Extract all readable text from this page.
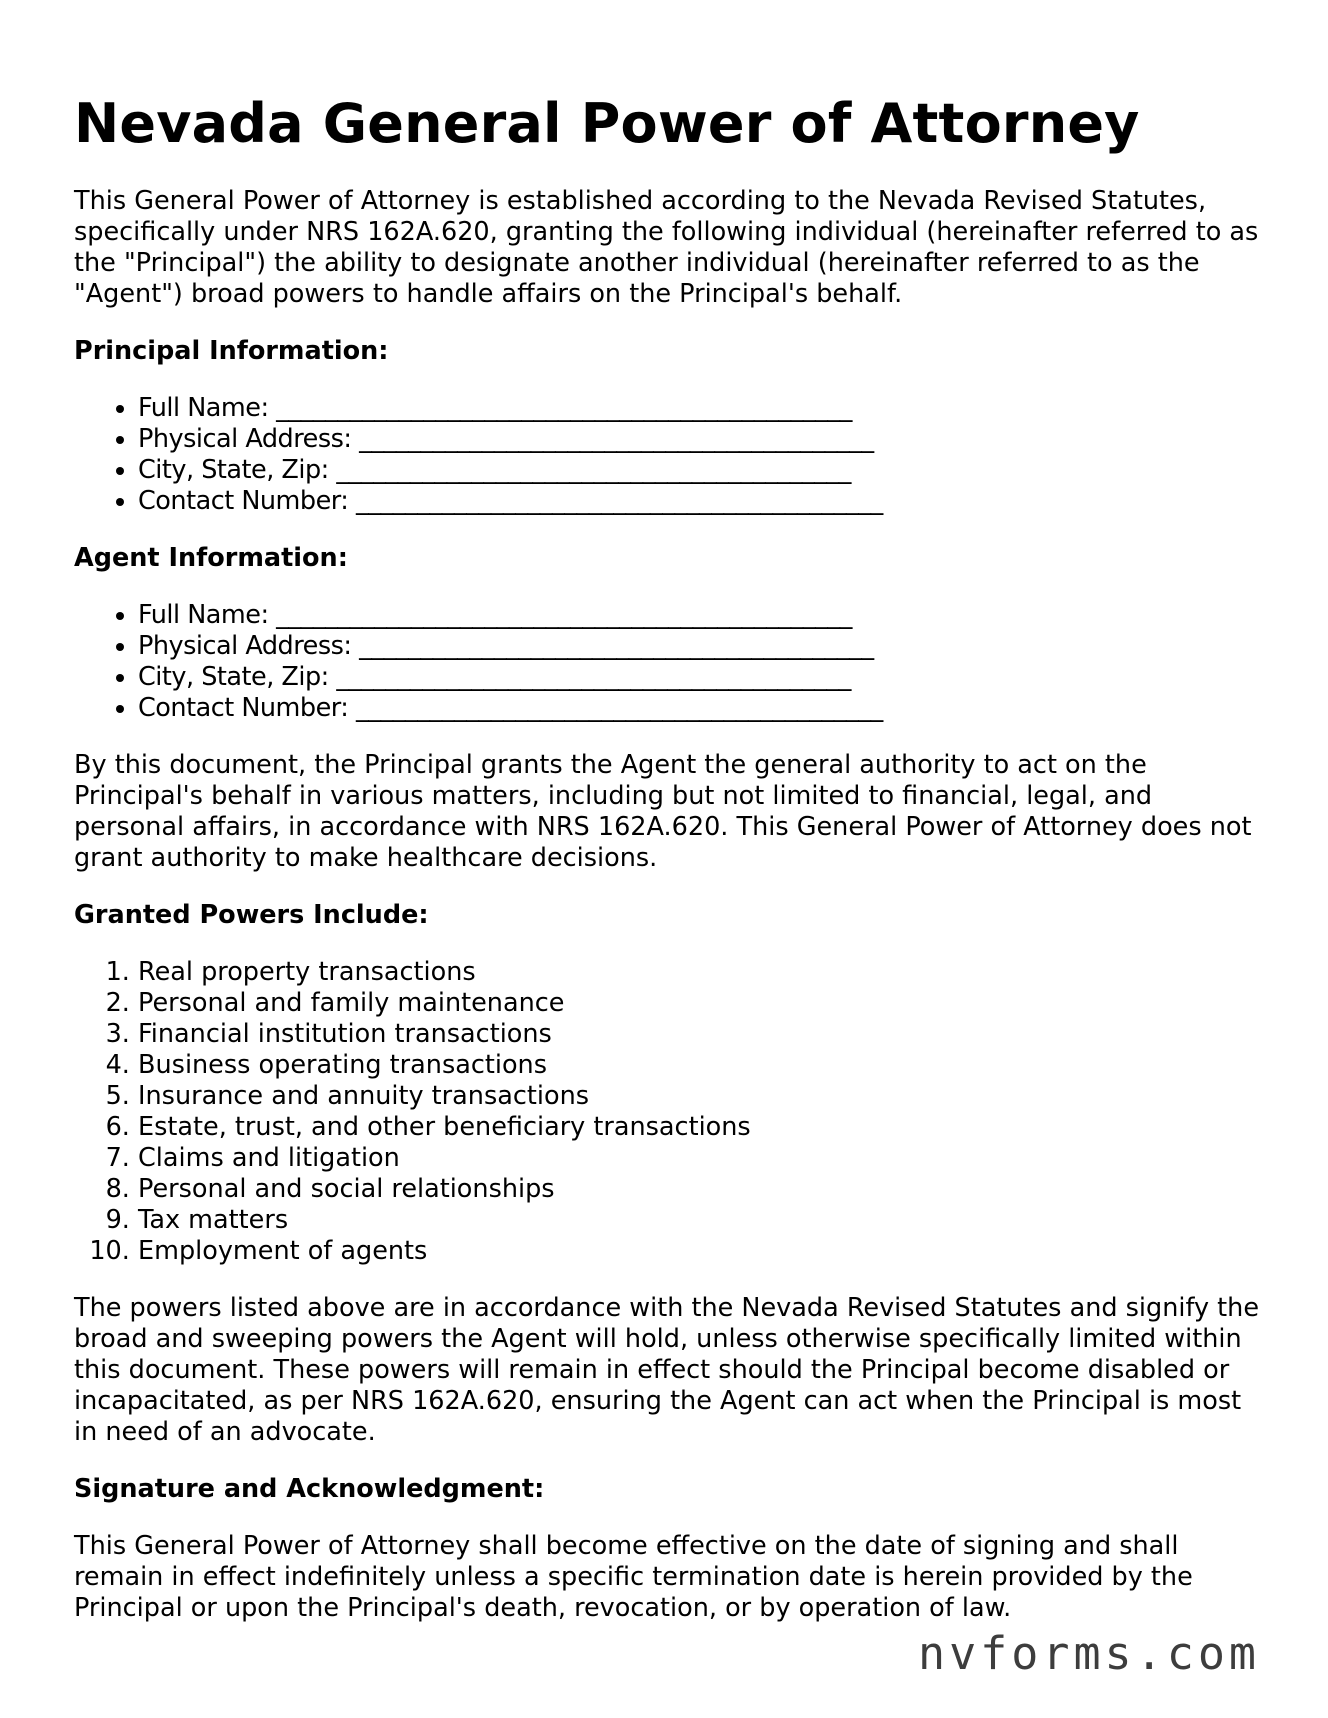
Nevada General Power of Attorney

This General Power of Attorney is established according to the Nevada Revised Statutes, specifically under NRS 162A.620, granting the following individual (hereinafter referred to as the "Principal") the ability to designate another individual (hereinafter referred to as the "Agent") broad powers to handle affairs on the Principal's behalf.

Principal Information:
• Full Name: _______________________________________________
• Physical Address: __________________________________________
• City, State, Zip: __________________________________________
• Contact Number: ___________________________________________
Agent Information:
• Full Name: _______________________________________________
• Physical Address: __________________________________________
• City, State, Zip: __________________________________________
• Contact Number: ___________________________________________

By this document, the Principal grants the Agent the general authority to act on the Principal's behalf in various matters, including but not limited to financial, legal, and personal affairs, in accordance with NRS 162A.620. This General Power of Attorney does not grant authority to make healthcare decisions.

Granted Powers Include:
1. Real property transactions
2. Personal and family maintenance
3. Financial institution transactions
4. Business operating transactions
5. Insurance and annuity transactions
6. Estate, trust, and other beneficiary transactions
7. Claims and litigation
8. Personal and social relationships
9. Tax matters
10. Employment of agents

The powers listed above are in accordance with the Nevada Revised Statutes and signify the broad and sweeping powers the Agent will hold, unless otherwise specifically limited within this document. These powers will remain in effect should the Principal become disabled or incapacitated, as per NRS 162A.620, ensuring the Agent can act when the Principal is most in need of an advocate.

Signature and Acknowledgment:

This General Power of Attorney shall become effective on the date of signing and shall remain in effect indefinitely unless a specific termination date is herein provided by the Principal or upon the Principal's death, revocation, or by operation of law.

nvforms.com
